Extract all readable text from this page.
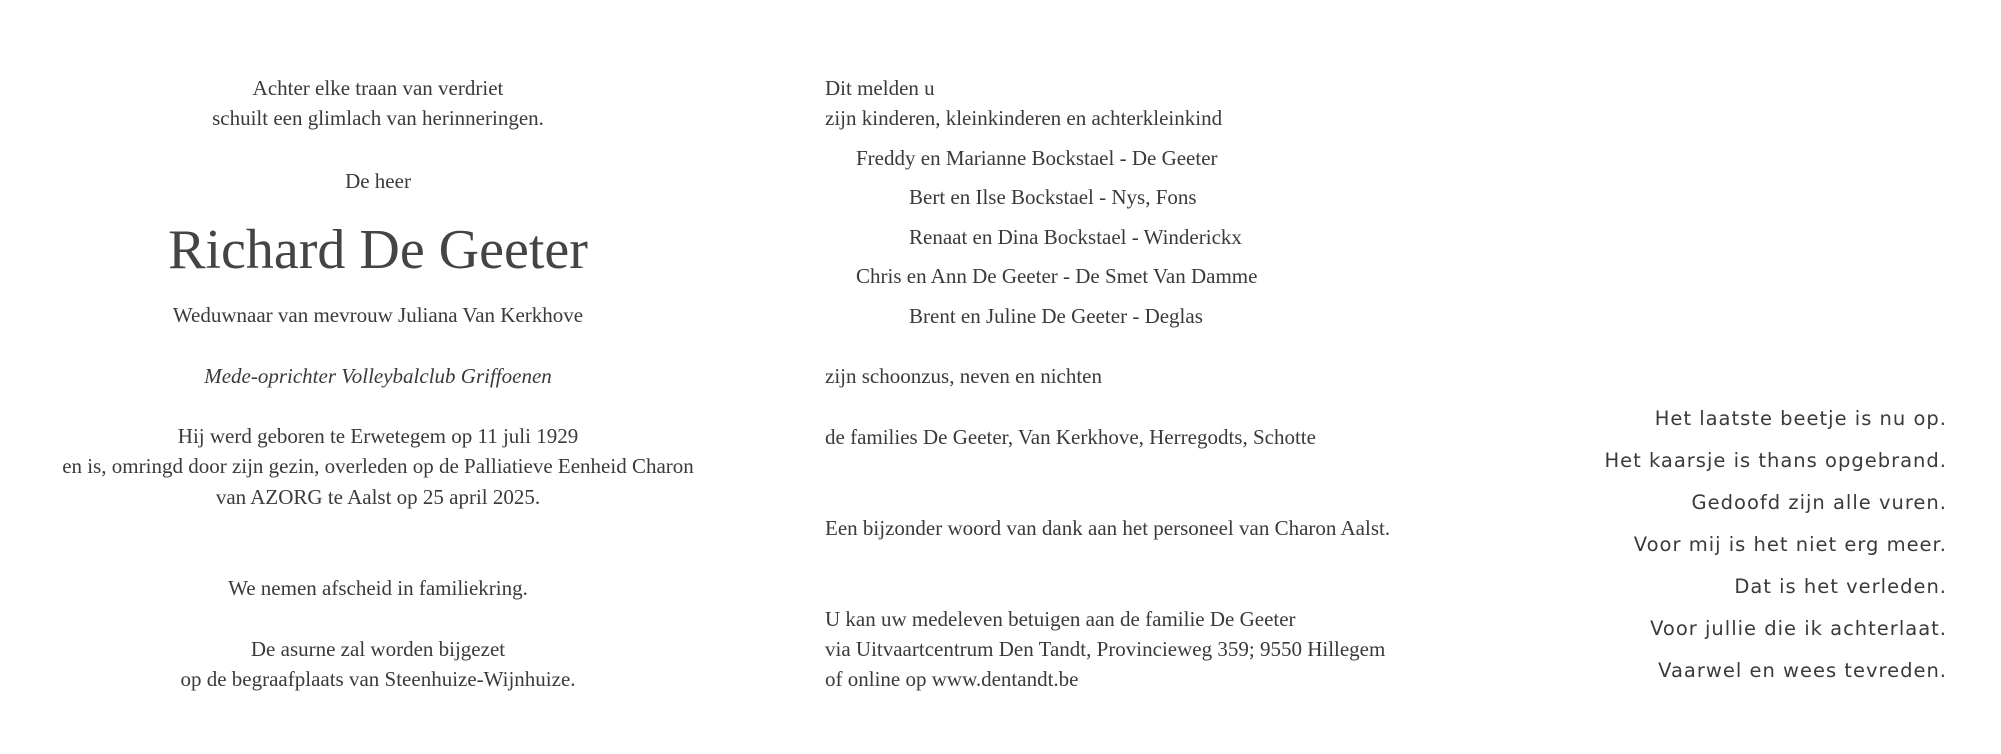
Achter elke traan van verdriet
schuilt een glimlach van herinneringen.
De heer
Richard De Geeter
Weduwnaar van mevrouw Juliana Van Kerkhove
Mede-oprichter Volleybalclub Griffoenen
Hij werd geboren te Erwetegem op 11 juli 1929
en is, omringd door zijn gezin, overleden op de Palliatieve Eenheid Charon
van AZORG te Aalst op 25 april 2025.
We nemen afscheid in familiekring.
De asurne zal worden bijgezet
op de begraafplaats van Steenhuize-Wijnhuize.
Dit melden u
zijn kinderen, kleinkinderen en achterkleinkind
Freddy en Marianne Bockstael - De Geeter
Bert en Ilse Bockstael - Nys, Fons
Renaat en Dina Bockstael - Winderickx
Chris en Ann De Geeter - De Smet Van Damme
Brent en Juline De Geeter - Deglas
zijn schoonzus, neven en nichten
de families De Geeter, Van Kerkhove, Herregodts, Schotte
Een bijzonder woord van dank aan het personeel van Charon Aalst.
U kan uw medeleven betuigen aan de familie De Geeter
via Uitvaartcentrum Den Tandt, Provincieweg 359; 9550 Hillegem
of online op www.dentandt.be
Het laatste beetje is nu op.
Het kaarsje is thans opgebrand.
Gedoofd zijn alle vuren.
Voor mij is het niet erg meer.
Dat is het verleden.
Voor jullie die ik achterlaat.
Vaarwel en wees tevreden.
